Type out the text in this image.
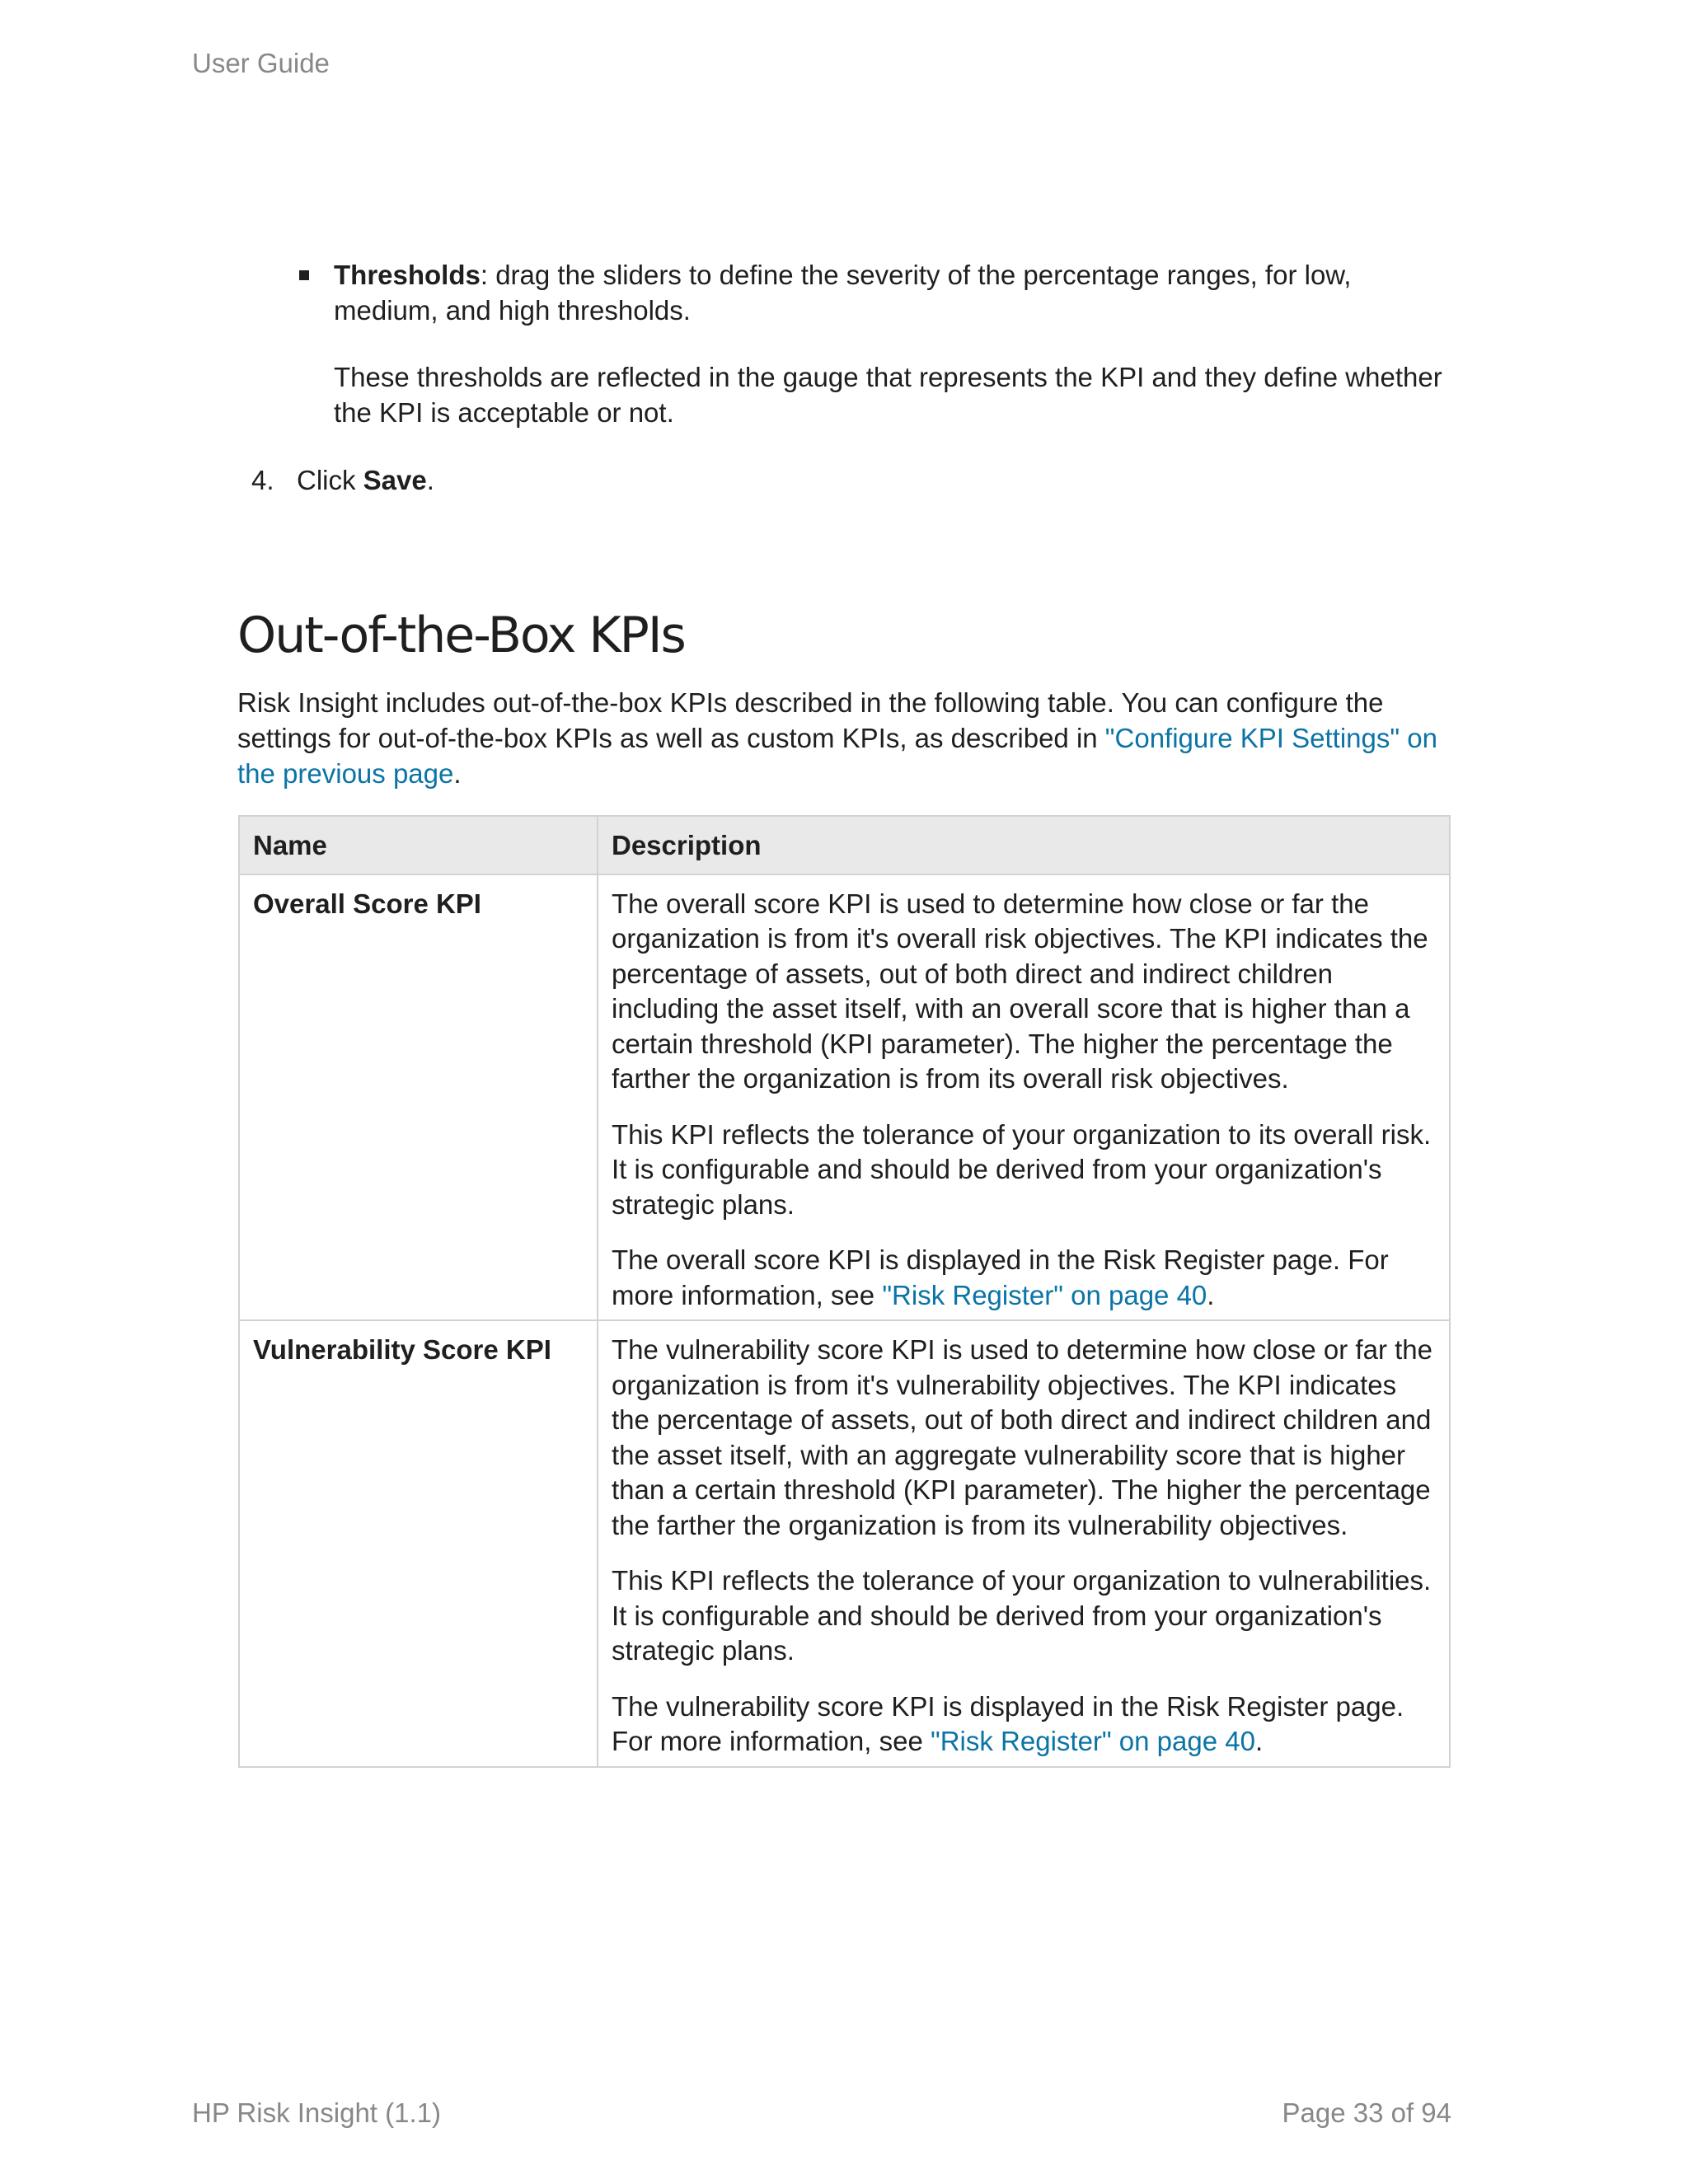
User Guide
Thresholds: drag the sliders to define the severity of the percentage ranges, for low, medium, and high thresholds.
These thresholds are reflected in the gauge that represents the KPI and they define whether the KPI is acceptable or not.
4. Click Save.
Out-of-the-Box KPIs
Risk Insight includes out-of-the-box KPIs described in the following table. You can configure the settings for out-of-the-box KPIs as well as custom KPIs, as described in "Configure KPI Settings" on the previous page.
Name	Description
Overall Score KPI	The overall score KPI is used to determine how close or far the organization is from it's overall risk objectives. The KPI indicates the percentage of assets, out of both direct and indirect children including the asset itself, with an overall score that is higher than a certain threshold (KPI parameter). The higher the percentage the farther the organization is from its overall risk objectives.

This KPI reflects the tolerance of your organization to its overall risk. It is configurable and should be derived from your organization's strategic plans.

The overall score KPI is displayed in the Risk Register page. For more information, see "Risk Register" on page 40.

Vulnerability Score KPI	The vulnerability score KPI is used to determine how close or far the organization is from it's vulnerability objectives. The KPI indicates the percentage of assets, out of both direct and indirect children and the asset itself, with an aggregate vulnerability score that is higher than a certain threshold (KPI parameter). The higher the percentage the farther the organization is from its vulnerability objectives.

This KPI reflects the tolerance of your organization to vulnerabilities. It is configurable and should be derived from your organization's strategic plans.

The vulnerability score KPI is displayed in the Risk Register page. For more information, see "Risk Register" on page 40.

HP Risk Insight (1.1)	Page 33 of 94
